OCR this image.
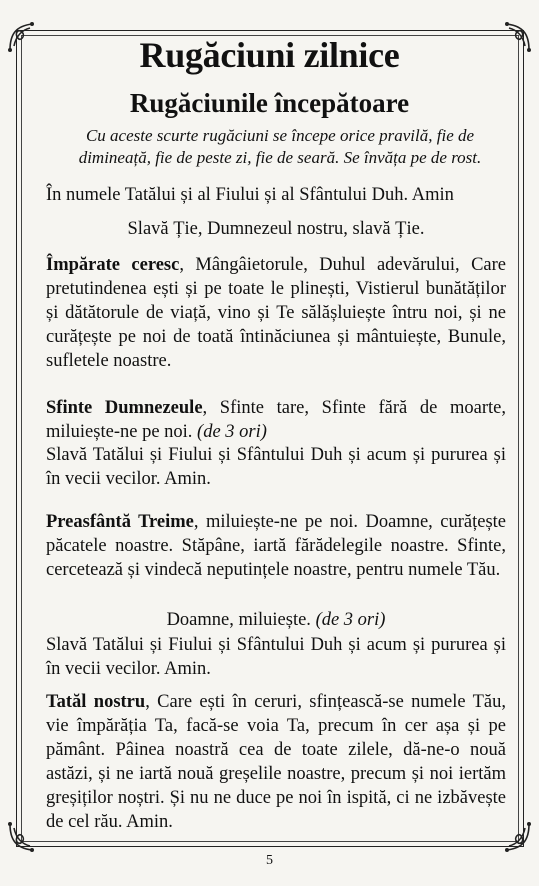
Rugăciuni zilnice
Rugăciunile începătoare
Cu aceste scurte rugăciuni se începe orice pravilă, fie de dimineață, fie de peste zi, fie de seară. Se învăța pe de rost.
În numele Tatălui și al Fiului și al Sfântului Duh. Amin
Slavă Ție, Dumnezeul nostru, slavă Ție.
Împărate ceresc, Mângâietorule, Duhul adevărului, Care pretutindenea ești și pe toate le plinești, Vistierul bunătăților și dătătorule de viață, vino și Te sălășluiește întru noi, și ne curățește pe noi de toată întinăciunea și mântuiește, Bunule, sufletele noastre.
Sfinte Dumnezeule, Sfinte tare, Sfinte fără de moarte, miluiește-ne pe noi. (de 3 ori)
Slavă Tatălui și Fiului și Sfântului Duh și acum și pururea și în vecii vecilor. Amin.
Preasfântă Treime, miluiește-ne pe noi. Doamne, curățește păcatele noastre. Stăpâne, iartă fărădelegile noastre. Sfinte, cercetează și vindecă neputințele noastre, pentru numele Tău.
Doamne, miluiește. (de 3 ori)
Slavă Tatălui și Fiului și Sfântului Duh și acum și pururea și în vecii vecilor. Amin.
Tatăl nostru, Care ești în ceruri, sfințească-se numele Tău, vie împărăția Ta, facă-se voia Ta, precum în cer așa și pe pământ. Pâinea noastră cea de toate zilele, dă-ne-o nouă astăzi, și ne iartă nouă greșelile noastre, precum și noi iertăm greșiților noștri. Și nu ne duce pe noi în ispită, ci ne izbăvește de cel rău. Amin.
5
